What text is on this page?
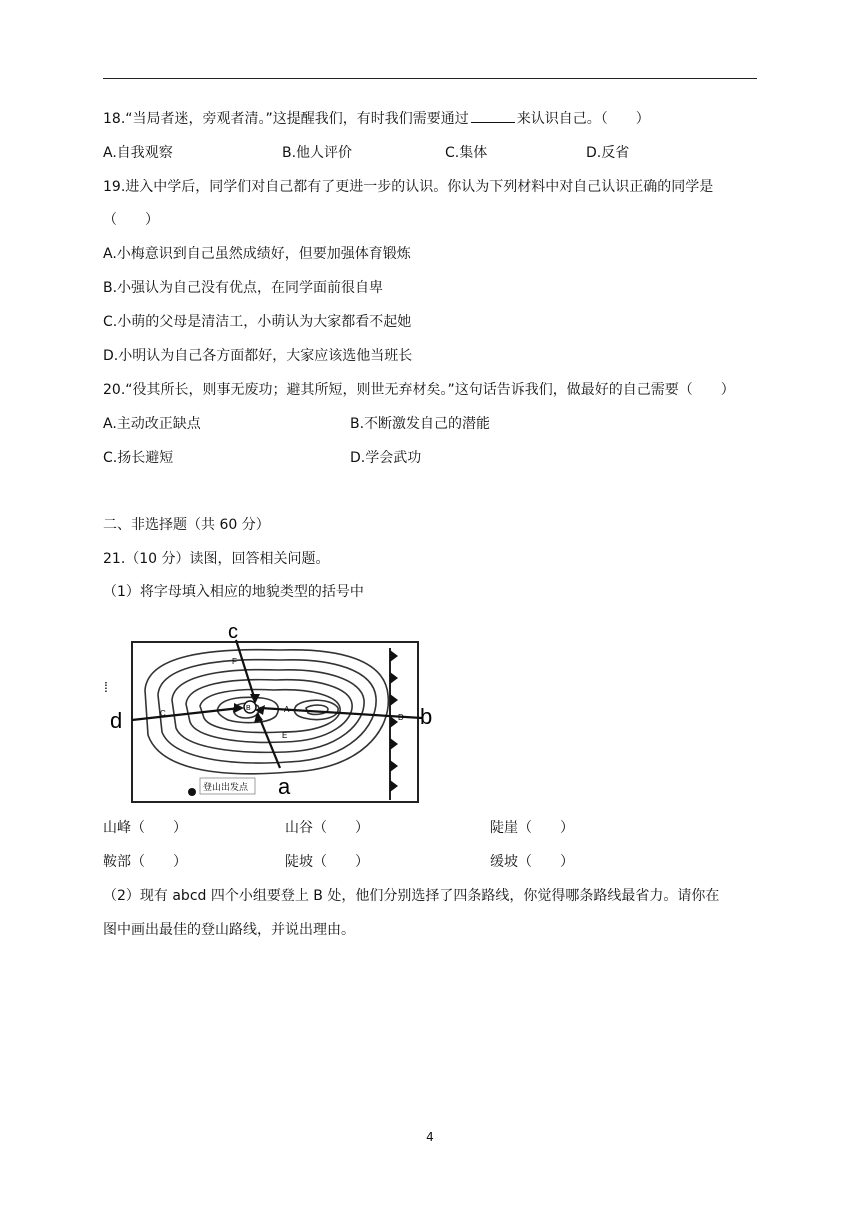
18.“当局者迷，旁观者清。”这提醒我们，有时我们需要通过	来认识自己。（　　）
A.自我观察	B.他人评价	C.集体	D.反省
19.进入中学后，同学们对自己都有了更进一步的认识。你认为下列材料中对自己认识正确的同学是
（　　）
A.小梅意识到自己虽然成绩好，但要加强体育锻炼
B.小强认为自己没有优点，在同学面前很自卑
C.小萌的父母是清洁工，小萌认为大家都看不起她
D.小明认为自己各方面都好，大家应该选他当班长
20.“役其所长，则事无废功；避其所短，则世无弃材矣。”这句话告诉我们，做最好的自己需要（　　）
A.主动改正缺点	B.不断激发自己的潜能
C.扬长避短	D.学会武功
二、非选择题（共 60 分）
21.（10 分）读图，回答相关问题。
（1）将字母填入相应的地貌类型的括号中
c
d	b
a
B	A
C	D
E
F
⁞
登山出发点
山峰（　　）	山谷（　　）	陡崖（　　）
鞍部（　　）	陡坡（　　）	缓坡（　　）
（2）现有 abcd 四个小组要登上 B 处，他们分别选择了四条路线，你觉得哪条路线最省力。请你在
图中画出最佳的登山路线，并说出理由。
4
